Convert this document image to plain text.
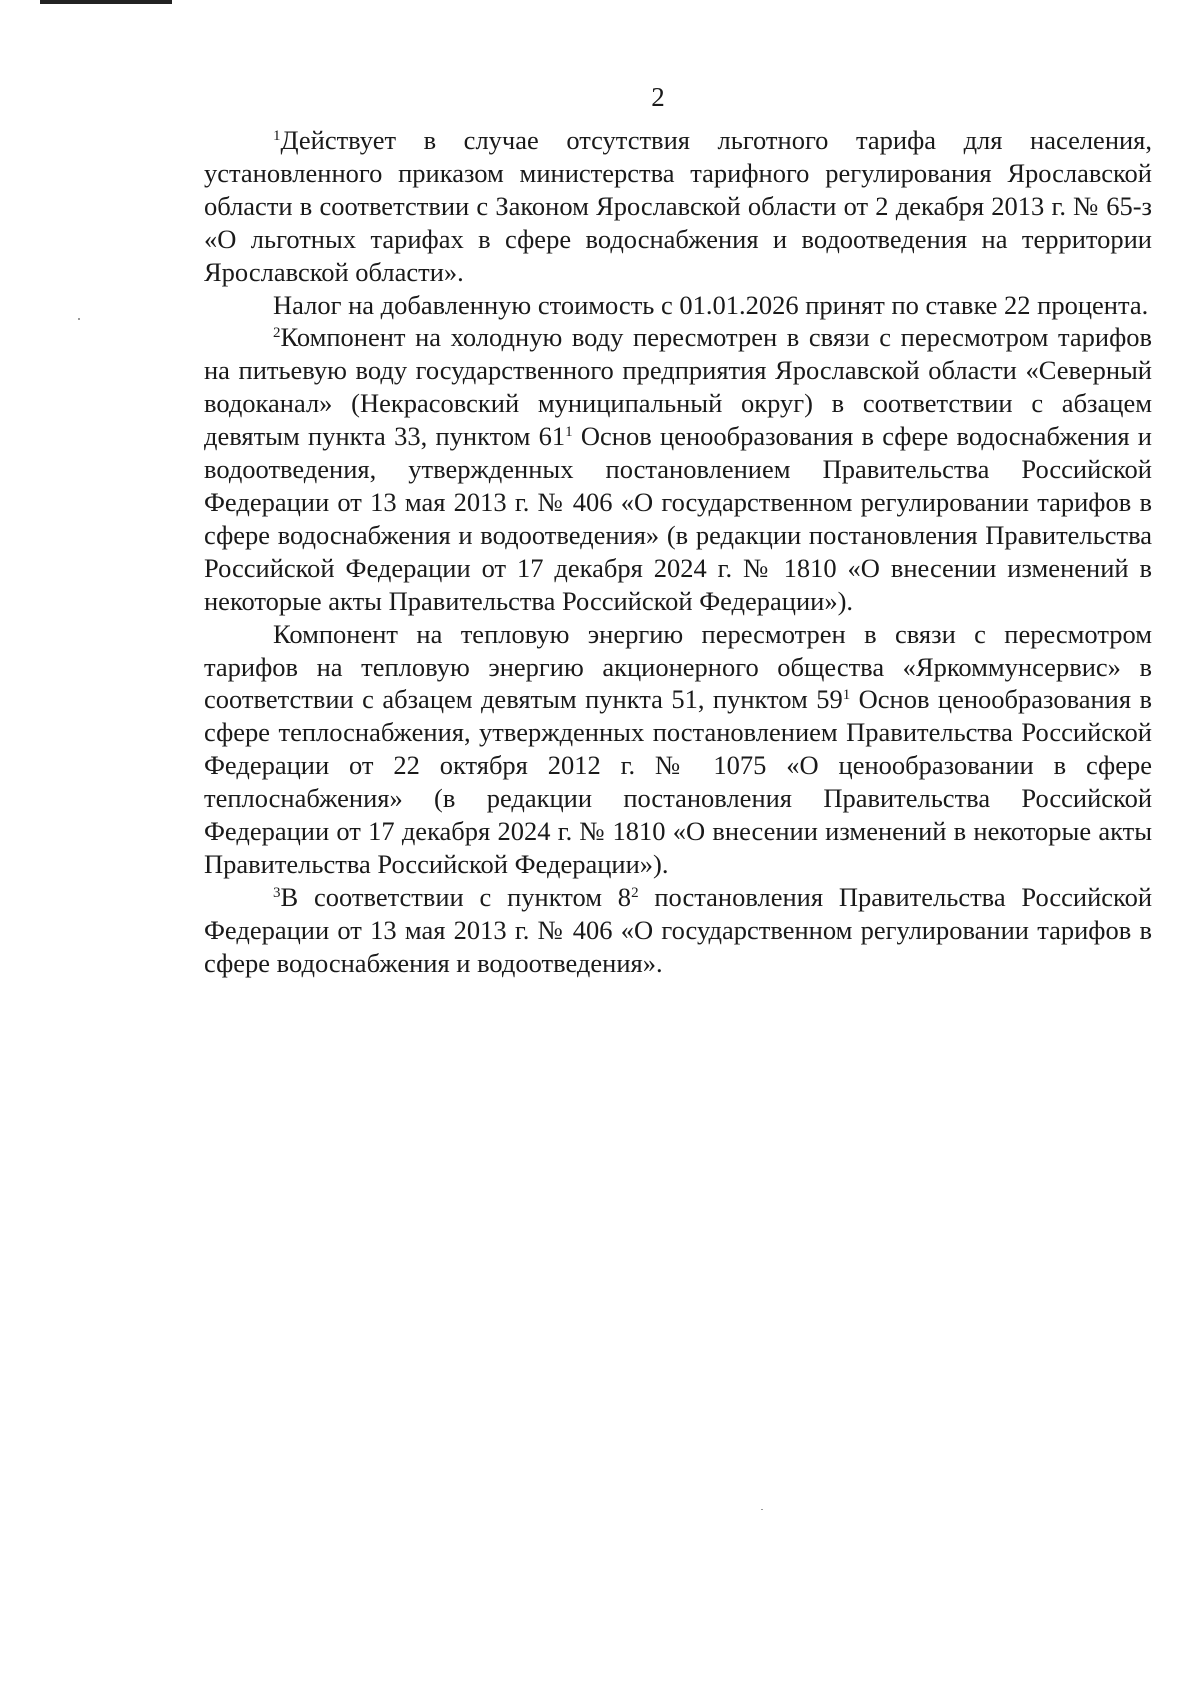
2

$^1$Действует в случае отсутствия льготного тарифа для населения, установленного приказом министерства тарифного регулирования Ярославской области в соответствии с Законом Ярославской области от 2 декабря 2013 г. № 65-з «О льготных тарифах в сфере водоснабжения и водоотведения на территории Ярославской области».

Налог на добавленную стоимость с 01.01.2026 принят по ставке 22 процента.

$^2$Компонент на холодную воду пересмотрен в связи с пересмотром тарифов на питьевую воду государственного предприятия Ярославской области «Северный водоканал» (Некрасовский муниципальный округ) в соответствии с абзацем девятым пункта 33, пунктом $61^1$ Основ ценообразования в сфере водоснабжения и водоотведения, утвержденных постановлением Правительства Российской Федерации от 13 мая 2013 г. № 406 «О государственном регулировании тарифов в сфере водоснабжения и водоотведения» (в редакции постановления Правительства Российской Федерации от 17 декабря 2024 г. № 1810 «О внесении изменений в некоторые акты Правительства Российской Федерации»).

Компонент на тепловую энергию пересмотрен в связи с пересмотром тарифов на тепловую энергию акционерного общества «Яркоммунсервис» в соответствии с абзацем девятым пункта 51, пунктом $59^1$ Основ ценообразования в сфере теплоснабжения, утвержденных постановлением Правительства Российской Федерации от 22 октября 2012 г. № 1075 «О ценообразовании в сфере теплоснабжения» (в редакции постановления Правительства Российской Федерации от 17 декабря 2024 г. № 1810 «О внесении изменений в некоторые акты Правительства Российской Федерации»).

$^3$В соответствии с пунктом $8^2$ постановления Правительства Российской Федерации от 13 мая 2013 г. № 406 «О государственном регулировании тарифов в сфере водоснабжения и водоотведения».
